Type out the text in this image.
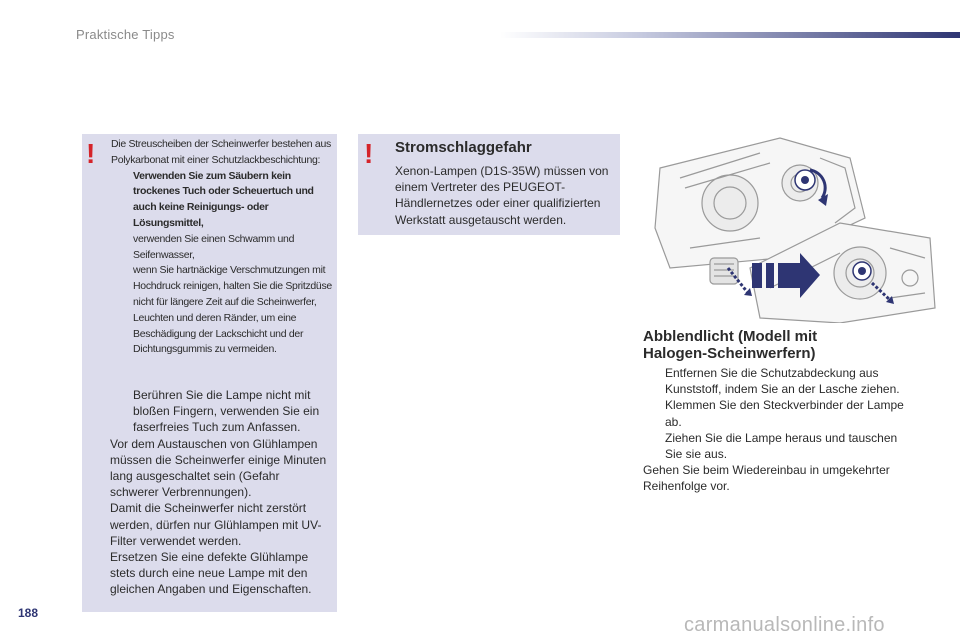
Praktische Tipps
! Die Streuscheiben der Scheinwerfer bestehen aus Polykarbonat mit einer Schutzlackbeschichtung:
Verwenden Sie zum Säubern kein trockenes Tuch oder Scheuertuch und auch keine Reinigungs- oder Lösungsmittel,
verwenden Sie einen Schwamm und Seifenwasser,
wenn Sie hartnäckige Verschmutzungen mit Hochdruck reinigen, halten Sie die Spritzdüse nicht für längere Zeit auf die Scheinwerfer, Leuchten und deren Ränder, um eine Beschädigung der Lackschicht und der Dichtungsgummis zu vermeiden.
Berühren Sie die Lampe nicht mit bloßen Fingern, verwenden Sie ein faserfreies Tuch zum Anfassen.
Vor dem Austauschen von Glühlampen müssen die Scheinwerfer einige Minuten lang ausgeschaltet sein (Gefahr schwerer Verbrennungen).
Damit die Scheinwerfer nicht zerstört werden, dürfen nur Glühlampen mit UV-Filter verwendet werden.
Ersetzen Sie eine defekte Glühlampe stets durch eine neue Lampe mit den gleichen Angaben und Eigenschaften.
! Stromschlaggefahr
Xenon-Lampen (D1S-35W) müssen von einem Vertreter des PEUGEOT-Händlernetzes oder einer qualifizierten Werkstatt ausgetauscht werden.
Abblendlicht (Modell mit Halogen-Scheinwerfern)
Entfernen Sie die Schutzabdeckung aus Kunststoff, indem Sie an der Lasche ziehen.
Klemmen Sie den Steckverbinder der Lampe ab.
Ziehen Sie die Lampe heraus und tauschen Sie sie aus.
Gehen Sie beim Wiedereinbau in umgekehrter Reihenfolge vor.
188
carmanualsonline.info
